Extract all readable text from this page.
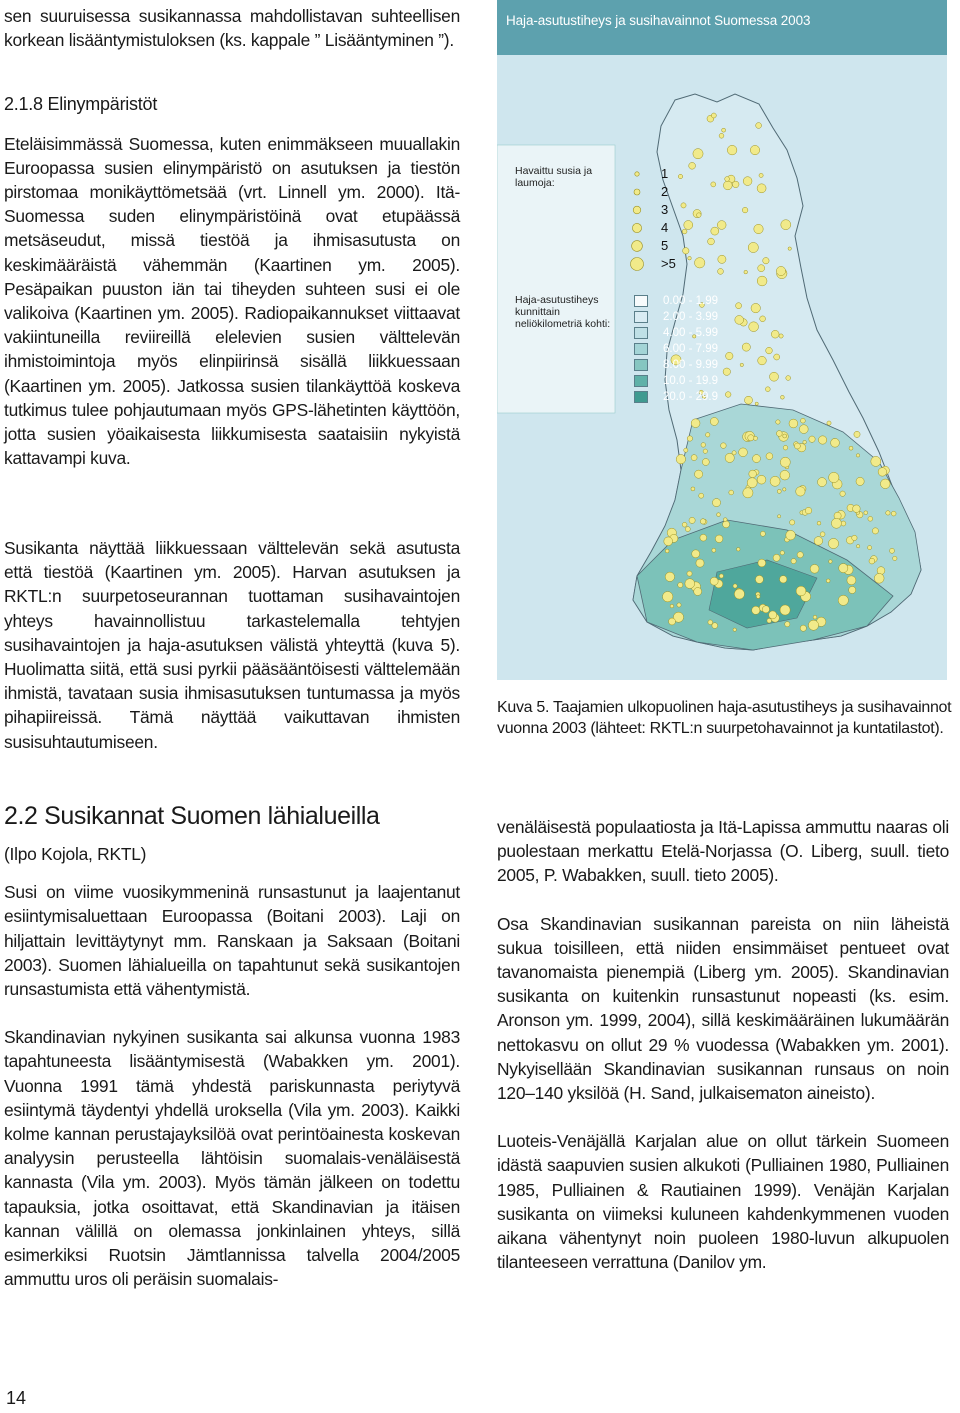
sen suuruisessa susikannassa mahdollistavan suhteellisen korkean lisääntymistuloksen (ks. kappale ” Lisääntyminen ”).

2.1.8 Elinympäristöt

Eteläisimmässä Suomessa, kuten enimmäkseen muuallakin Euroopassa susien elinympäristö on asutuksen ja tiestön pirstomaa monikäyttömetsää (vrt. Linnell ym. 2000). Itä-Suomessa suden elinympäristöinä ovat etupäässä metsäseudut, missä tiestöä ja ihmisasutusta on keskimääräistä vähemmän (Kaartinen ym. 2005). Pesäpaikan puuston iän tai tiheyden suhteen susi ei ole valikoiva (Kaartinen ym. 2005). Radiopaikannukset viittaavat vakiintuneilla reviireillä elelevien susien välttelevän ihmistoimintoja myös elinpiirinsä sisällä liikkuessaan (Kaartinen ym. 2005). Jatkossa susien tilankäyttöä koskeva tutkimus tulee pohjautumaan myös GPS-lähetinten käyttöön, jotta susien yöaikaisesta liikkumisesta saataisiin nykyistä kattavampi kuva.

Susikanta näyttää liikkuessaan välttelevän sekä asutusta että tiestöä (Kaartinen ym. 2005). Harvan asutuksen ja RKTL:n suurpetoseurannan tuottaman susihavaintojen yhteys havainnollistuu tarkastelemalla tehtyjen susihavaintojen ja haja-asutuksen välistä yhteyttä (kuva 5). Huolimatta siitä, että susi pyrkii pääsääntöisesti välttelemään ihmistä, tavataan susia ihmisasutuksen tuntumassa ja myös pihapiireissä. Tämä näyttää vaikuttavan ihmisten susisuhtautumiseen.

2.2 Susikannat Suomen lähialueilla
(Ilpo Kojola, RKTL)

Susi on viime vuosikymmeninä runsastunut ja laajentanut esiintymisaluettaan Euroopassa (Boitani 2003). Laji on hiljattain levittäytynyt mm. Ranskaan ja Saksaan (Boitani 2003). Suomen lähialueilla on tapahtunut sekä susikantojen runsastumista että vähentymistä.

Skandinavian nykyinen susikanta sai alkunsa vuonna 1983 tapahtuneesta lisääntymisestä (Wabakken ym. 2001). Vuonna 1991 tämä yhdestä pariskunnasta periytyvä esiintymä täydentyi yhdellä uroksella (Vila ym. 2003). Kaikki kolme kannan perustajayksilöä ovat perintöainesta koskevan analyysin perusteella lähtöisin suomalais-venäläisestä kannasta (Vila ym. 2003). Myös tämän jälkeen on todettu tapauksia, jotka osoittavat, että Skandinavian ja itäisen kannan välillä on olemassa jonkinlainen yhteys, sillä esimerkiksi Ruotsin Jämtlannissa talvella 2004/2005 ammuttu uros oli peräisin suomalais-

venäläisestä populaatiosta ja Itä-Lapissa ammuttu naaras oli puolestaan merkattu Etelä-Norjassa (O. Liberg, suull. tieto 2005, P. Wabakken, suull. tieto 2005).

Osa Skandinavian susikannan pareista on niin läheistä sukua toisilleen, että niiden ensimmäiset pentueet ovat tavanomaista pienempiä (Liberg ym. 2005). Skandinavian susikanta on kuitenkin runsastunut nopeasti (ks. esim. Aronson ym. 1999, 2004), sillä keskimääräinen lukumäärän nettokasvu on ollut 29 % vuodessa (Wabakken ym. 2001). Nykyisellään Skandinavian susikannan runsaus on noin 120–140 yksilöä (H. Sand, julkaisematon aineisto).

Luoteis-Venäjällä Karjalan alue on ollut tärkein Suomeen idästä saapuvien susien alkukoti (Pulliainen 1980, Pulliainen 1985, Pulliainen & Rautiainen 1999). Venäjän Karjalan susikanta on viimeksi kuluneen kahdenkymmenen vuoden aikana vähentynyt noin puoleen 1980-luvun alkupuolen tilanteeseen verrattuna (Danilov ym.

Haja-asutustiheys ja susihavainnot Suomessa 2003
Havaittu susia ja laumoja:
1
2
3
4
5
>5
Haja-asutustiheys kunnittain neliökilometriä kohti:
0.00 - 1.99
2.00 - 3.99
4.00 - 5.99
6.00 - 7.99
8.00 - 9.99
10.0 - 19.9
20.0 - 29.9
Kuva 5. Taajamien ulkopuolinen haja-asutustiheys ja susihavainnot vuonna 2003 (lähteet: RKTL:n suurpetohavainnot ja kuntatilastot).
14
